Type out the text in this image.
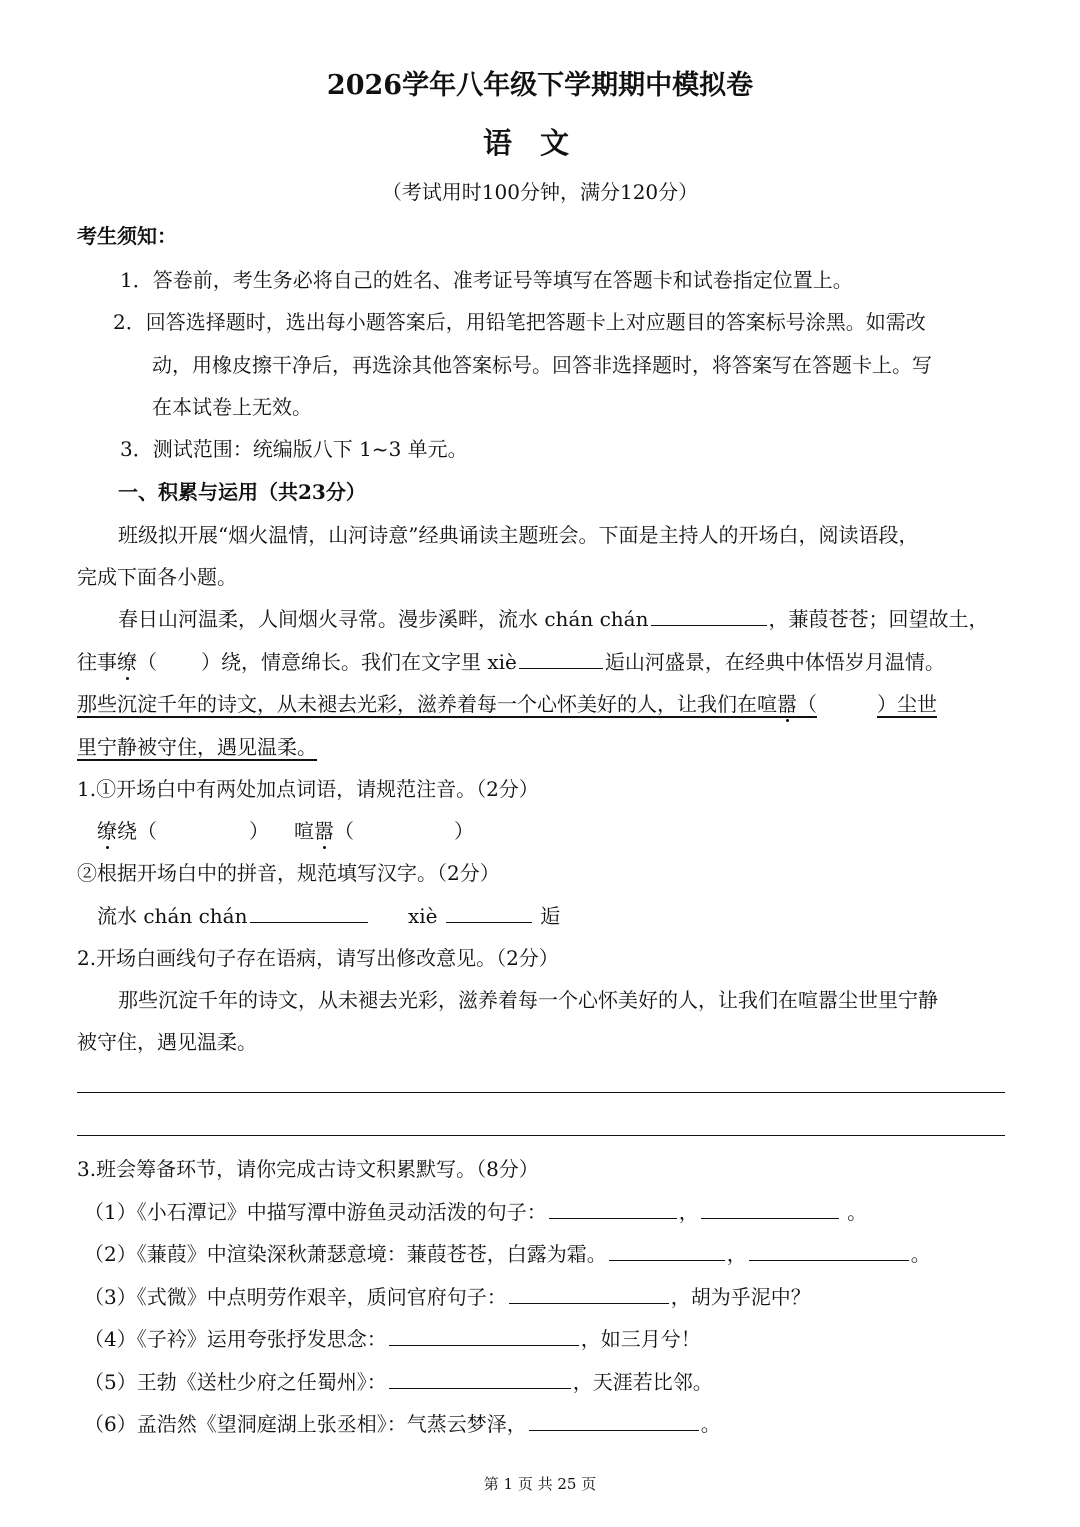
2026学年八年级下学期期中模拟卷
语文
（考试用时100分钟，满分120分）
考生须知：
1．答卷前，考生务必将自己的姓名、准考证号等填写在答题卡和试卷指定位置上。
2．回答选择题时，选出每小题答案后，用铅笔把答题卡上对应题目的答案标号涂黑。如需改
动，用橡皮擦干净后，再选涂其他答案标号。回答非选择题时，将答案写在答题卡上。写
在本试卷上无效。
3．测试范围：统编版八下 1~3 单元。
一、积累与运用（共23分）
班级拟开展“烟火温情，山河诗意”经典诵读主题班会。下面是主持人的开场白，阅读语段，
完成下面各小题。
春日山河温柔，人间烟火寻常。漫步溪畔，流水 chán chán	，蒹葭苍苍；回望故土，
往事缭（ ）绕，情意绵长。我们在文字里 xiè	逅山河盛景，在经典中体悟岁月温情。
那些沉淀千年的诗文，从未褪去光彩，滋养着每一个心怀美好的人，让我们在喧嚣（	）尘世
里宁静被守住，遇见温柔。
1.①开场白中有两处加点词语，请规范注音。（2分）
缭绕（	） 喧嚣（	）
②根据开场白中的拼音，规范填写汉字。（2分）
流水 chán chán	xiè	逅
2.开场白画线句子存在语病，请写出修改意见。（2分）
那些沉淀千年的诗文，从未褪去光彩，滋养着每一个心怀美好的人，让我们在喧嚣尘世里宁静
被守住，遇见温柔。
3.班会筹备环节，请你完成古诗文积累默写。（8分）
（1）《小石潭记》中描写潭中游鱼灵动活泼的句子：	，	。
（2）《蒹葭》中渲染深秋萧瑟意境：蒹葭苍苍，白露为霜。	，	。
（3）《式微》中点明劳作艰辛，质问官府句子：	，胡为乎泥中？
（4）《子衿》运用夸张抒发思念：	，如三月兮！
（5）王勃《送杜少府之任蜀州》：	，天涯若比邻。
（6）孟浩然《望洞庭湖上张丞相》：气蒸云梦泽，	。
第 1 页 共 25 页
